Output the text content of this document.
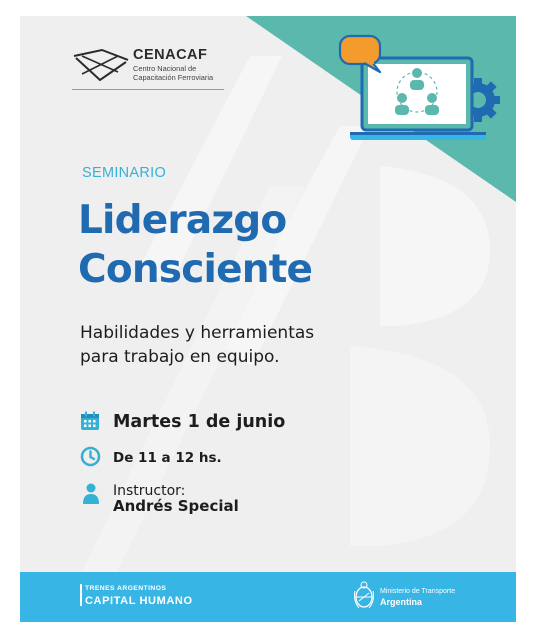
CENACAF
Centro Nacional de
Capacitación Ferroviaria
SEMINARIO
Liderazgo
Consciente
Habilidades y herramientas
para trabajo en equipo.
Martes 1 de junio
De 11 a 12 hs.
Instructor:
Andrés Special
TRENES ARGENTINOS
CAPITAL HUMANO
Ministerio de Transporte
Argentina
